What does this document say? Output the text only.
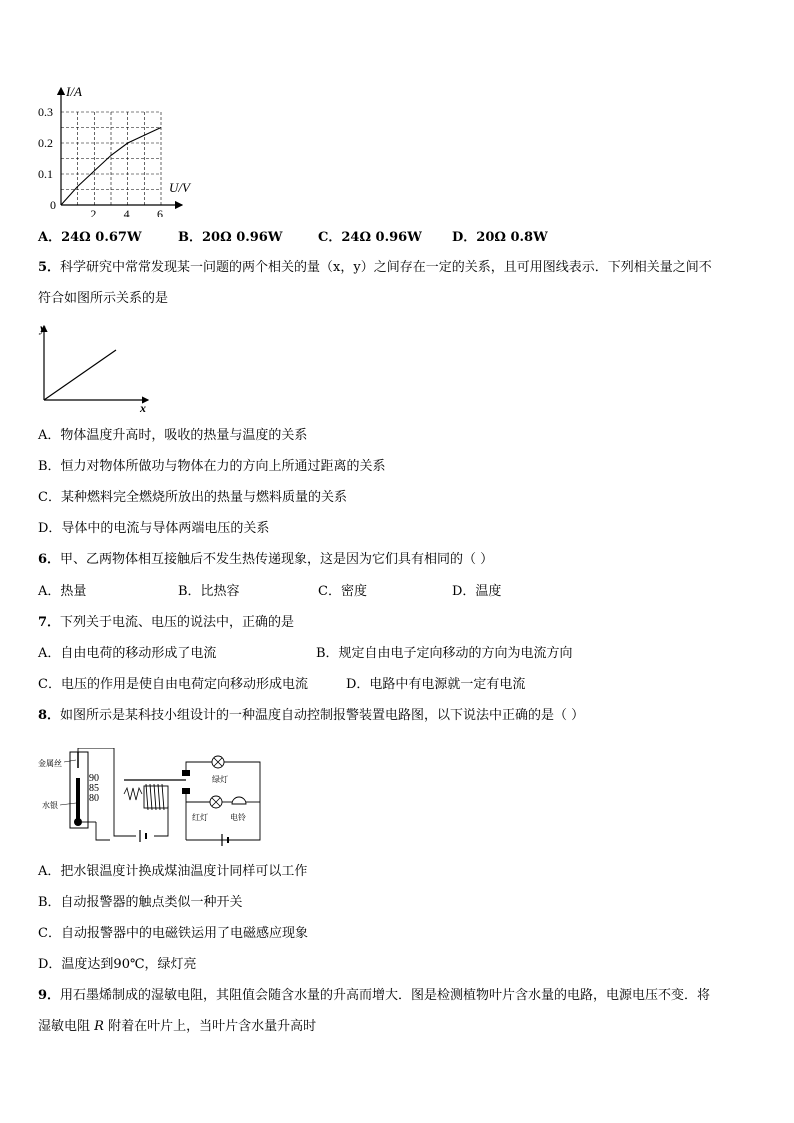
2 4 6
0.1
0.2
0.3
I/A
U/V
0
A．24Ω 0.67W	B．20Ω 0.96W	C．24Ω 0.96W D．20Ω 0.8W
5．科学研究中常常发现某一问题的两个相关的量（x，y）之间存在一定的关系，且可用图线表示．下列相关量之间不
符合如图所示关系的是
y
x
A．物体温度升高时，吸收的热量与温度的关系
B．恒力对物体所做功与物体在力的方向上所通过距离的关系
C．某种燃料完全燃烧所放出的热量与燃料质量的关系
D．导体中的电流与导体两端电压的关系
6．甲、乙两物体相互接触后不发生热传递现象，这是因为它们具有相同的（ ）
A．热量	B．比热容	C．密度	D．温度
7．下列关于电流、电压的说法中，正确的是
A．自由电荷的移动形成了电流	B．规定自由电子定向移动的方向为电流方向
C．电压的作用是使自由电荷定向移动形成电流	D．电路中有电源就一定有电流
8．如图所示是某科技小组设计的一种温度自动控制报警装置电路图，以下说法中正确的是（ ）
90
85
80
金属丝
水银
绿灯
红灯	电铃
A．把水银温度计换成煤油温度计同样可以工作
B．自动报警器的触点类似一种开关
C．自动报警器中的电磁铁运用了电磁感应现象
D．温度达到90℃，绿灯亮
9．用石墨烯制成的湿敏电阻，其阻值会随含水量的升高而增大．图是检测植物叶片含水量的电路，电源电压不变．将
湿敏电阻 R 附着在叶片上，当叶片含水量升高时
